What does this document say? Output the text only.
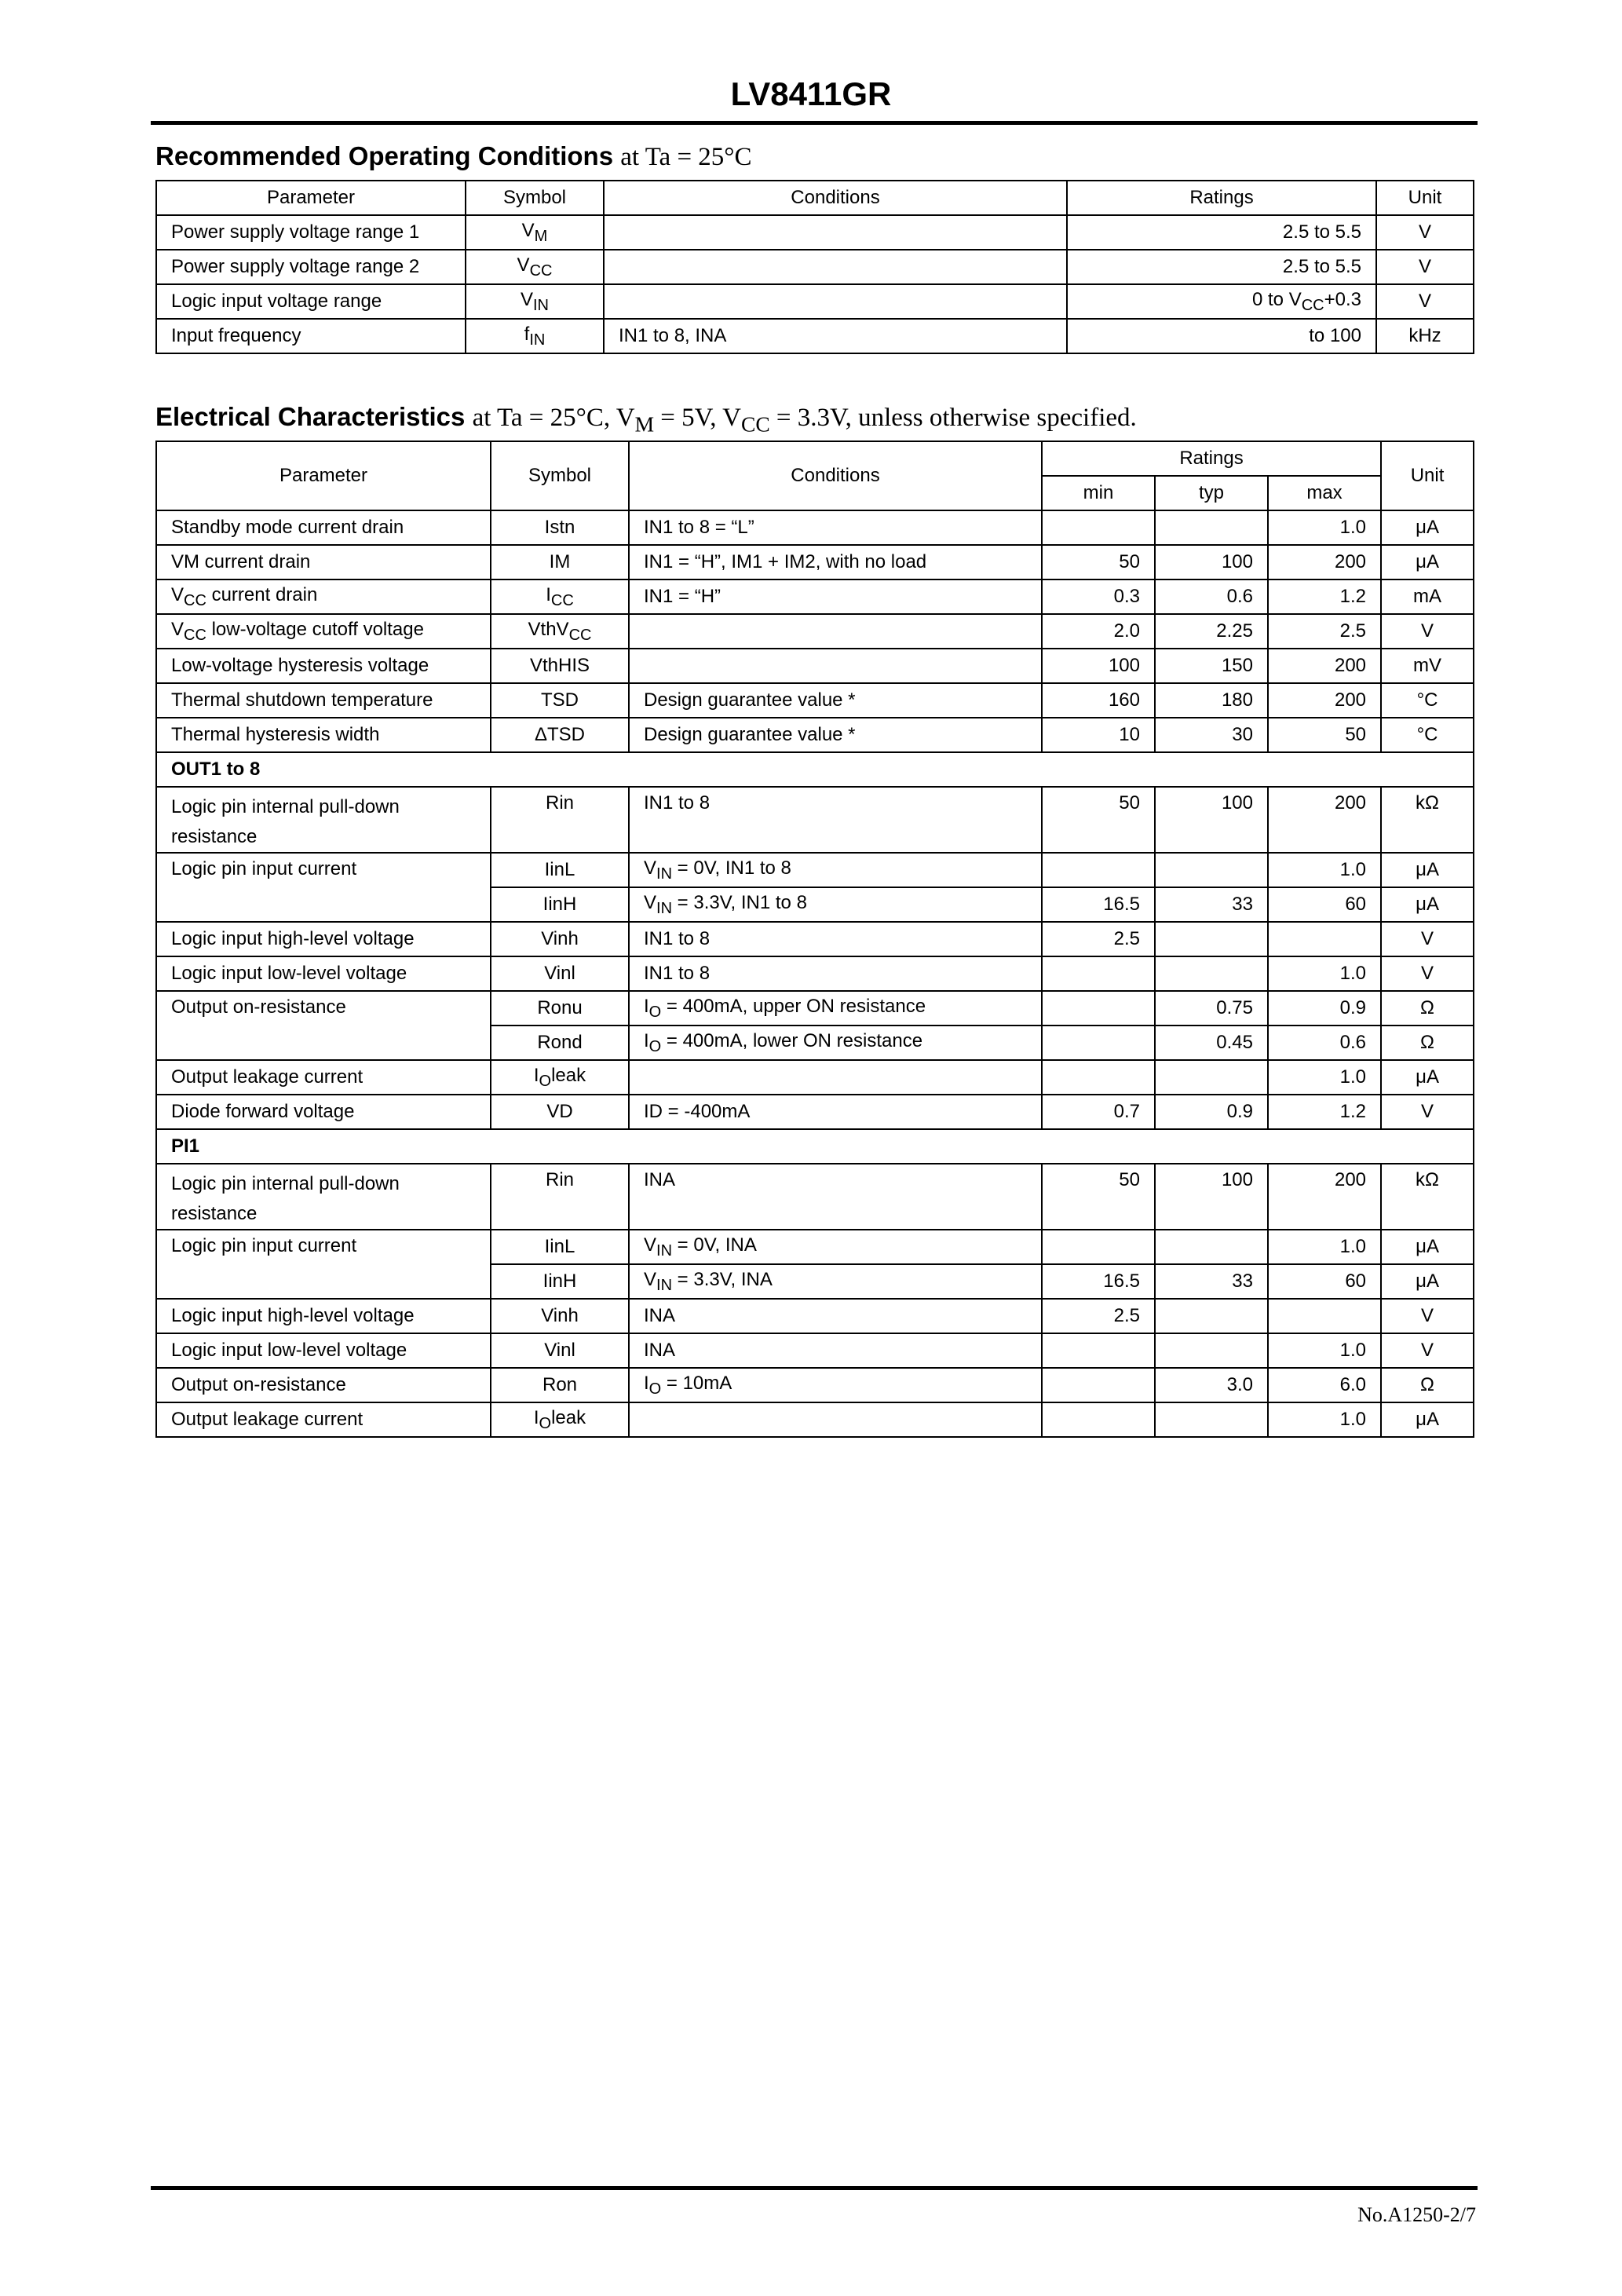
LV8411GR
Recommended Operating Conditions at Ta = 25°C
Parameter	Symbol	Conditions	Ratings	Unit
Power supply voltage range 1	$V_M$		2.5 to 5.5	V
Power supply voltage range 2	$V_{CC}$		2.5 to 5.5	V
Logic input voltage range	$V_{IN}$		0 to $V_{CC}+0.3$	V
Input frequency	$f_{IN}$	IN1 to 8, INA	to 100	kHz
Electrical Characteristics at Ta = 25°C, $V_M = 5V$, $V_{CC} = 3.3V$, unless otherwise specified.
Parameter	Symbol	Conditions	Ratings			Unit
			min	typ	max	
Standby mode current drain	Istn	IN1 to 8 = “L”			1.0	μA
VM current drain	IM	IN1 = “H”, IM1 + IM2, with no load	50	100	200	μA
$V_{CC}$ current drain	$I_{CC}$	IN1 = “H”	0.3	0.6	1.2	mA
$V_{CC}$ low-voltage cutoff voltage	VthV$_{CC}$		2.0	2.25	2.5	V
Low-voltage hysteresis voltage	VthHIS		100	150	200	mV
Thermal shutdown temperature	TSD	Design guarantee value *	160	180	200	°C
Thermal hysteresis width	ΔTSD	Design guarantee value *	10	30	50	°C
OUT1 to 8						
Logic pin internal pull-down resistance	Rin	IN1 to 8	50	100	200	kΩ
Logic pin input current	IinL	$V_{IN} = 0V$, IN1 to 8			1.0	μA
	IinH	$V_{IN} = 3.3V$, IN1 to 8	16.5	33	60	μA
Logic input high-level voltage	Vinh	IN1 to 8	2.5			V
Logic input low-level voltage	Vinl	IN1 to 8			1.0	V
Output on-resistance	Ronu	$I_O = 400mA$, upper ON resistance		0.75	0.9	Ω
	Rond	$I_O = 400mA$, lower ON resistance		0.45	0.6	Ω
Output leakage current	$I_Oleak$				1.0	μA
Diode forward voltage	VD	ID = -400mA	0.7	0.9	1.2	V
PI1						
Logic pin internal pull-down resistance	Rin	INA	50	100	200	kΩ
Logic pin input current	IinL	$V_{IN} = 0V$, INA			1.0	μA
	IinH	$V_{IN} = 3.3V$, INA	16.5	33	60	μA
Logic input high-level voltage	Vinh	INA	2.5			V
Logic input low-level voltage	Vinl	INA			1.0	V
Output on-resistance	Ron	$I_O = 10mA$		3.0	6.0	Ω
Output leakage current	$I_Oleak$				1.0	μA
No.A1250-2/7
